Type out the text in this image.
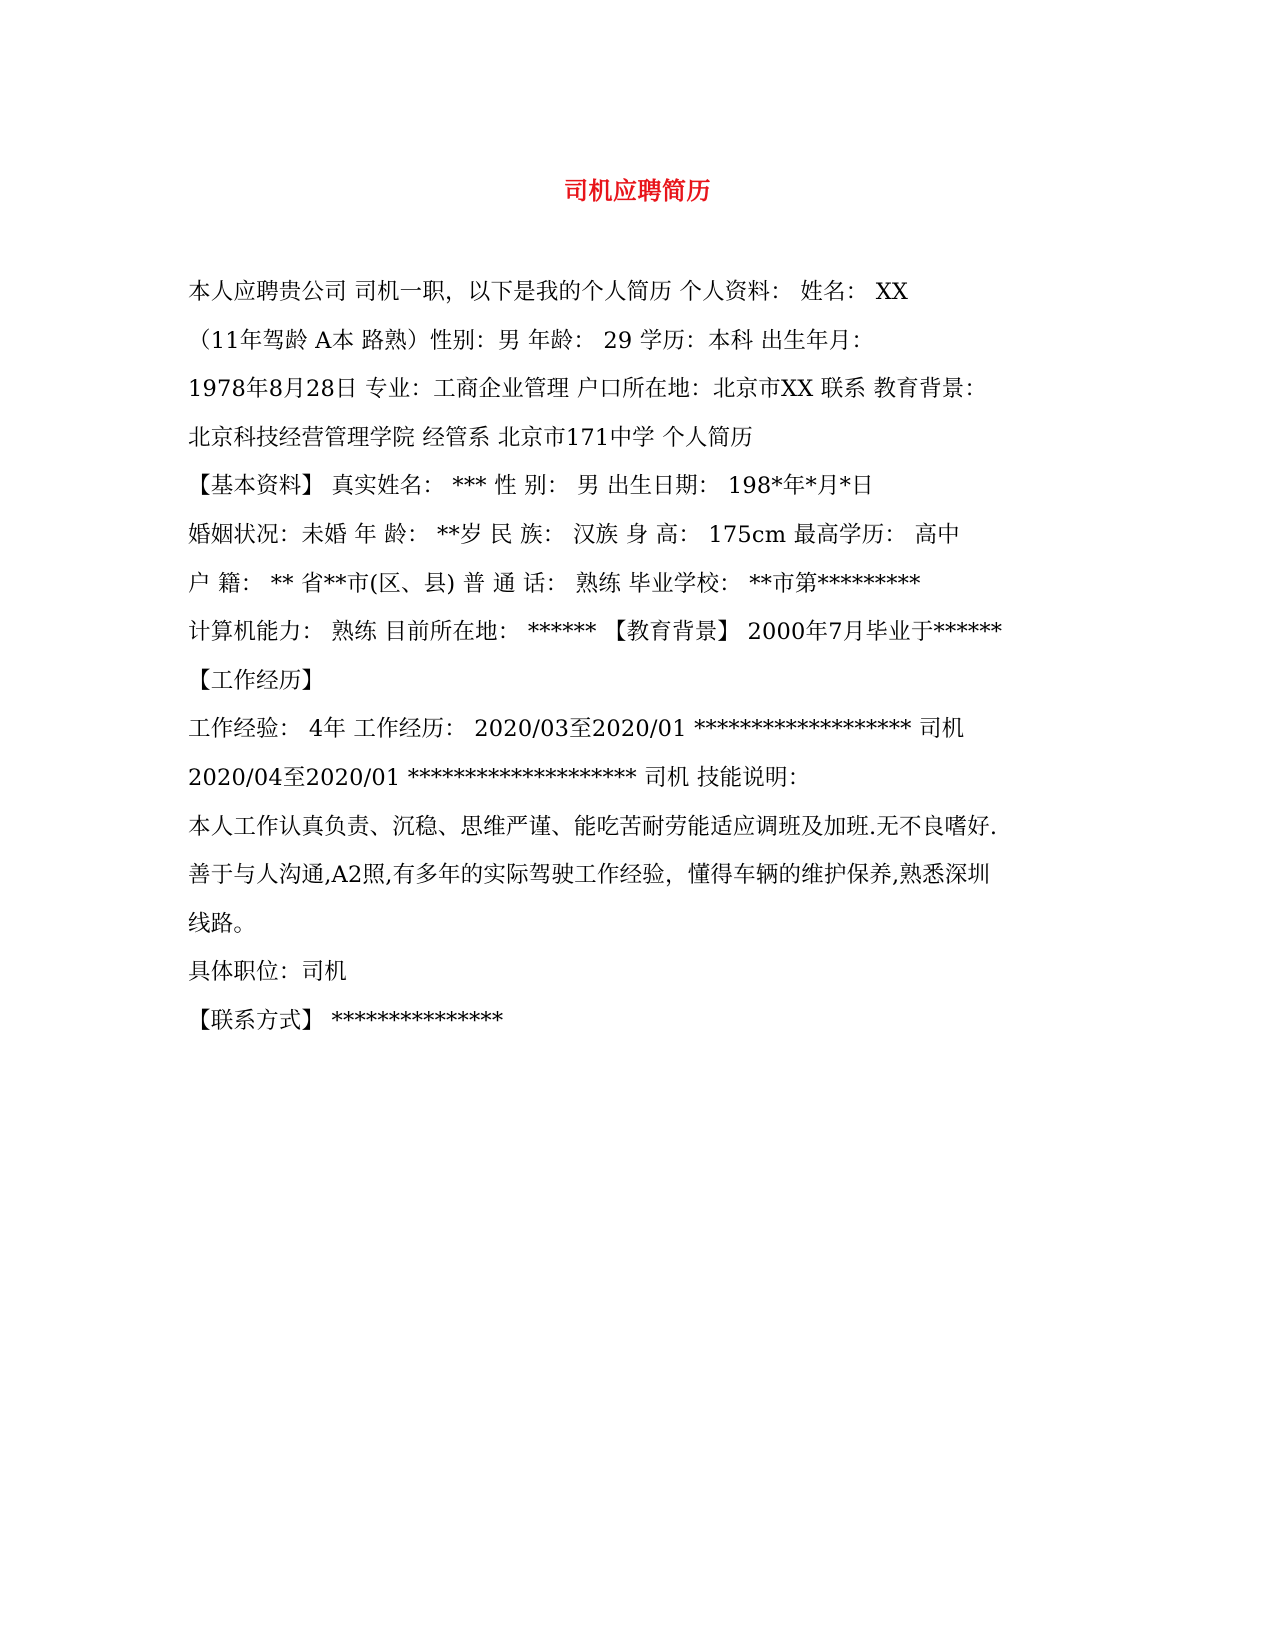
司机应聘简历
本人应聘贵公司 司机一职，以下是我的个人简历 个人资料： 姓名： XX
（11年驾龄 A本 路熟）性别：男 年龄： 29 学历：本科 出生年月：
1978年8月28日 专业：工商企业管理 户口所在地：北京市XX 联系 教育背景：
北京科技经营管理学院 经管系 北京市171中学 个人简历
【基本资料】 真实姓名： *** 性 别： 男 出生日期： 198*年*月*日
婚姻状况：未婚 年 龄： **岁 民 族： 汉族 身 高： 175cm 最高学历： 高中
户 籍： ** 省**市(区、县) 普 通 话： 熟练 毕业学校： **市第*********
计算机能力： 熟练 目前所在地： ****** 【教育背景】 2000年7月毕业于******
【工作经历】
工作经验： 4年 工作经历： 2020/03至2020/01 ******************* 司机
2020/04至2020/01 ******************** 司机 技能说明：
本人工作认真负责、沉稳、思维严谨、能吃苦耐劳能适应调班及加班.无不良嗜好.
善于与人沟通,A2照,有多年的实际驾驶工作经验，懂得车辆的维护保养,熟悉深圳
线路。
具体职位：司机
【联系方式】 ***************
